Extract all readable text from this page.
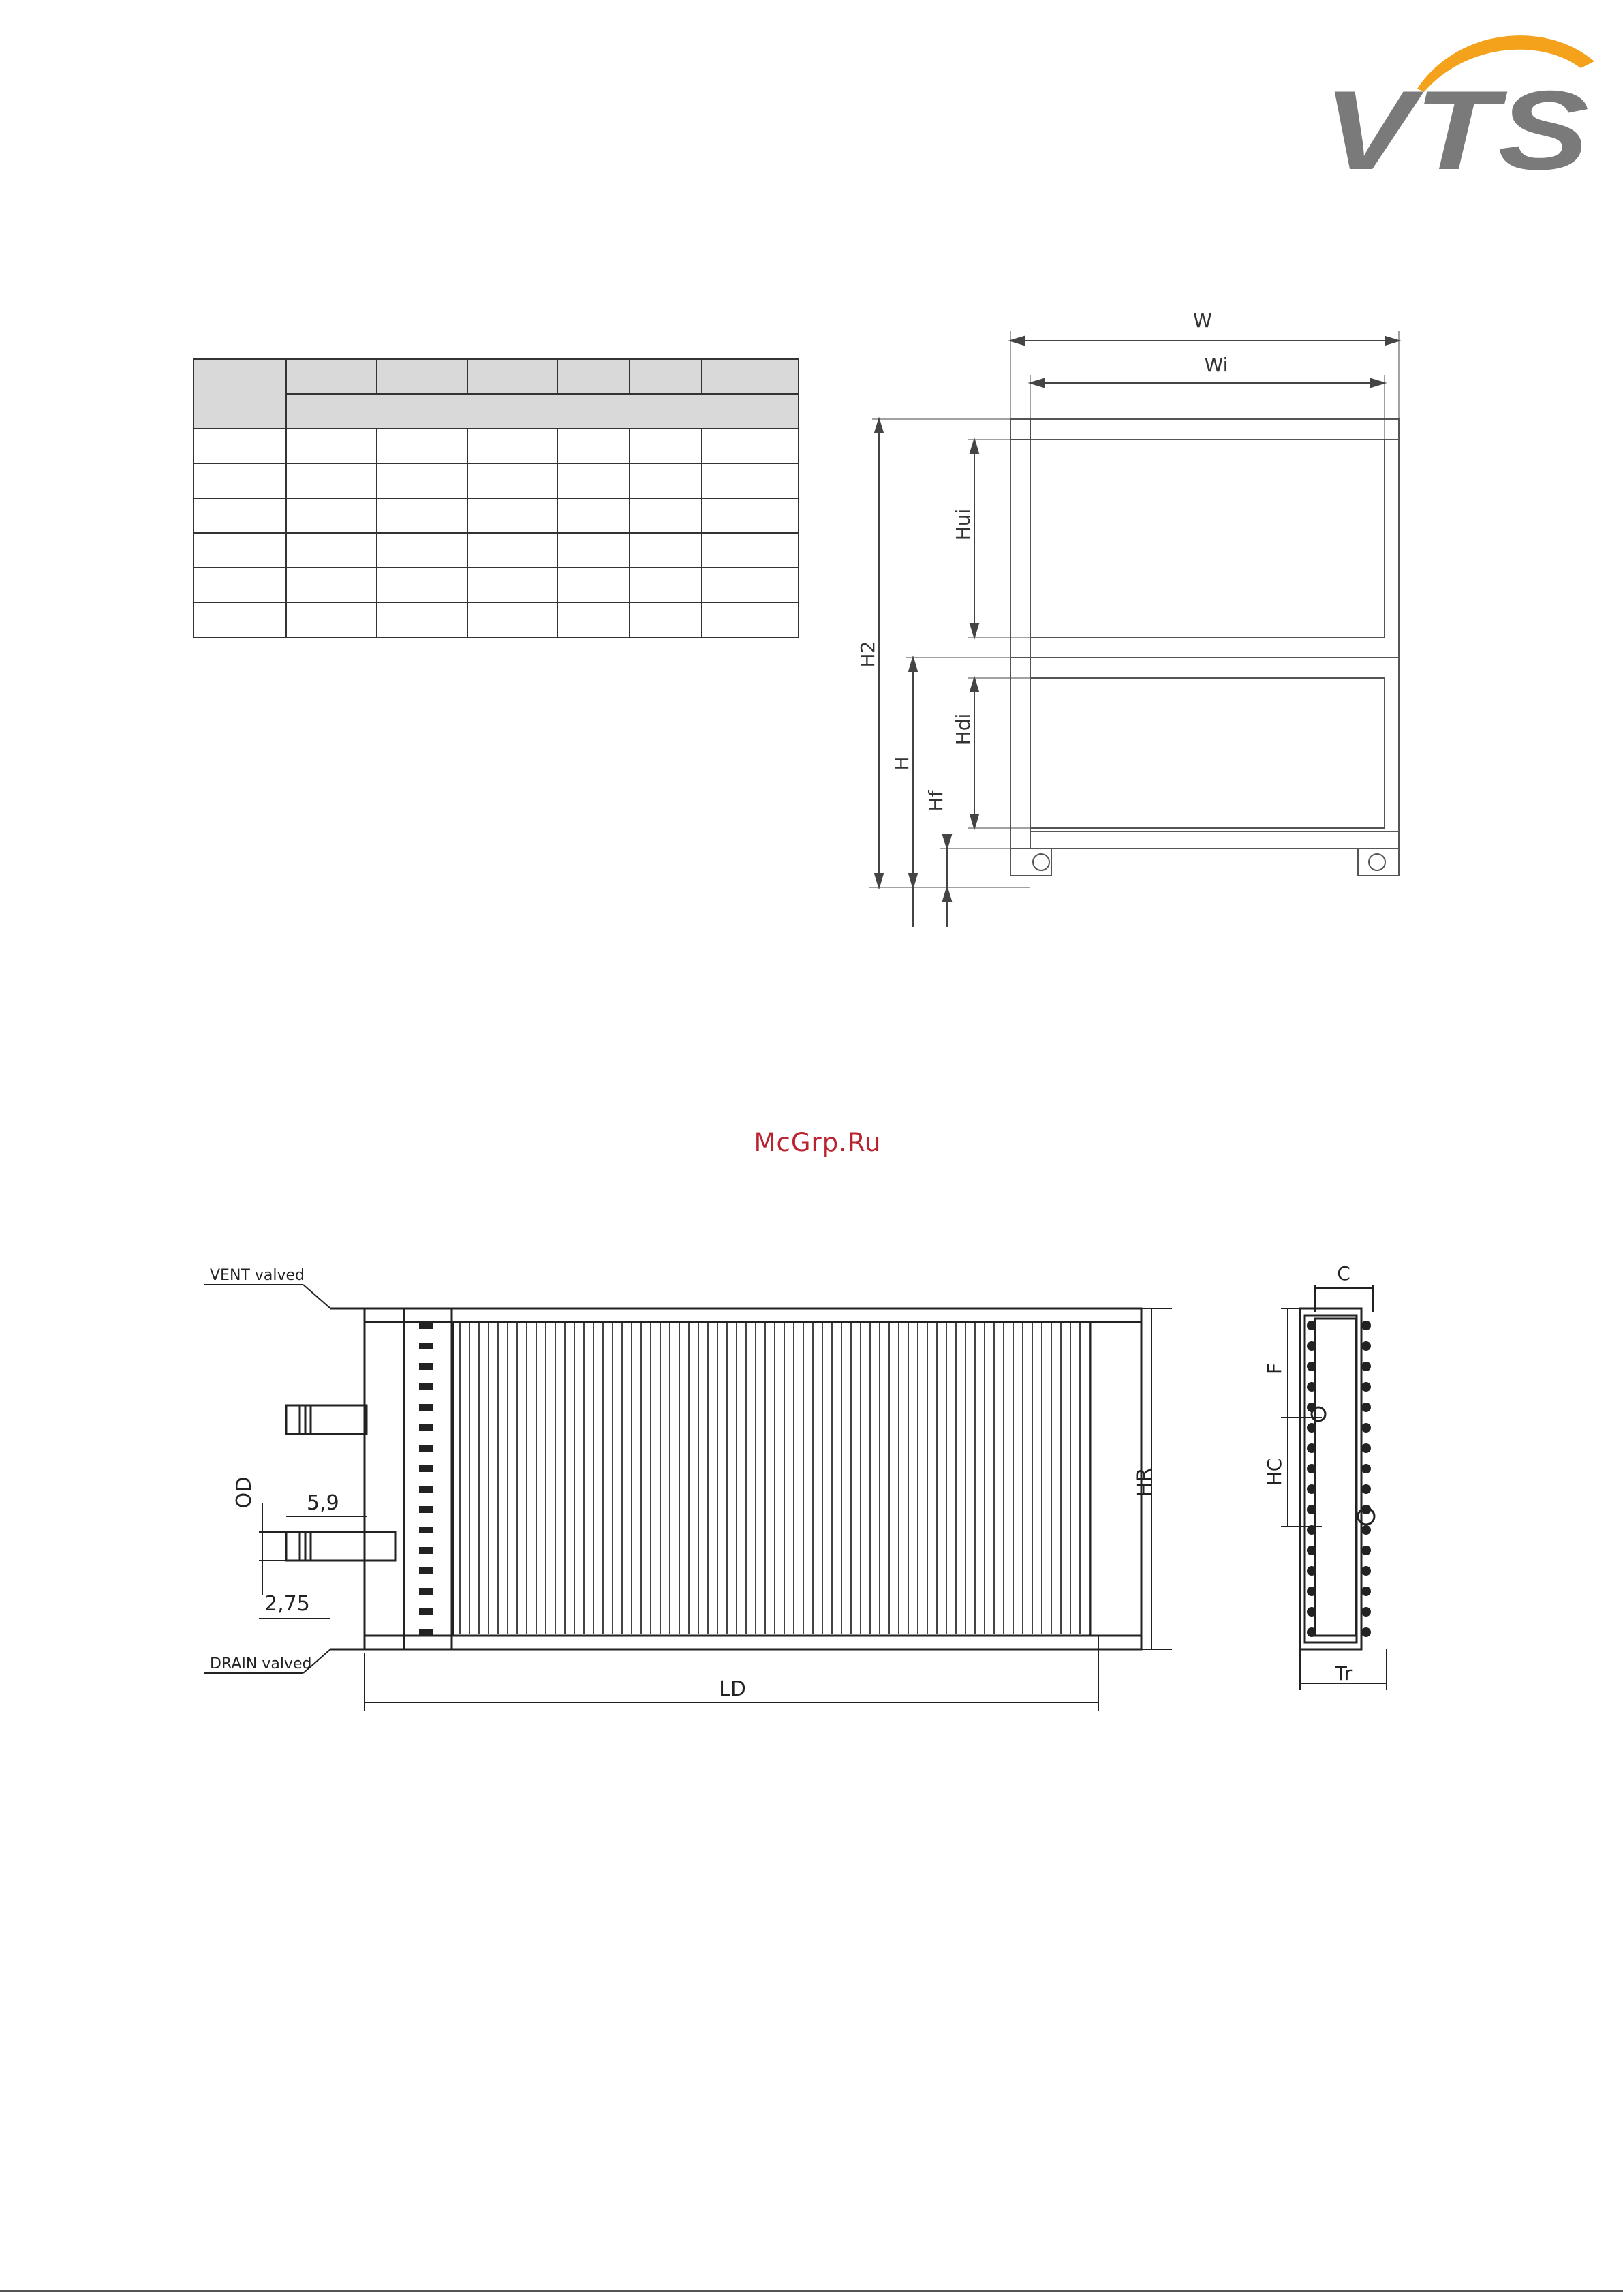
VTS

W
Wi
H2
H
Hui
Hdi
Hf
McGrp.Ru
VENT valved
DRAIN valved
OD 5,9
2,75
LD
HR
C
F
HC
Tr
